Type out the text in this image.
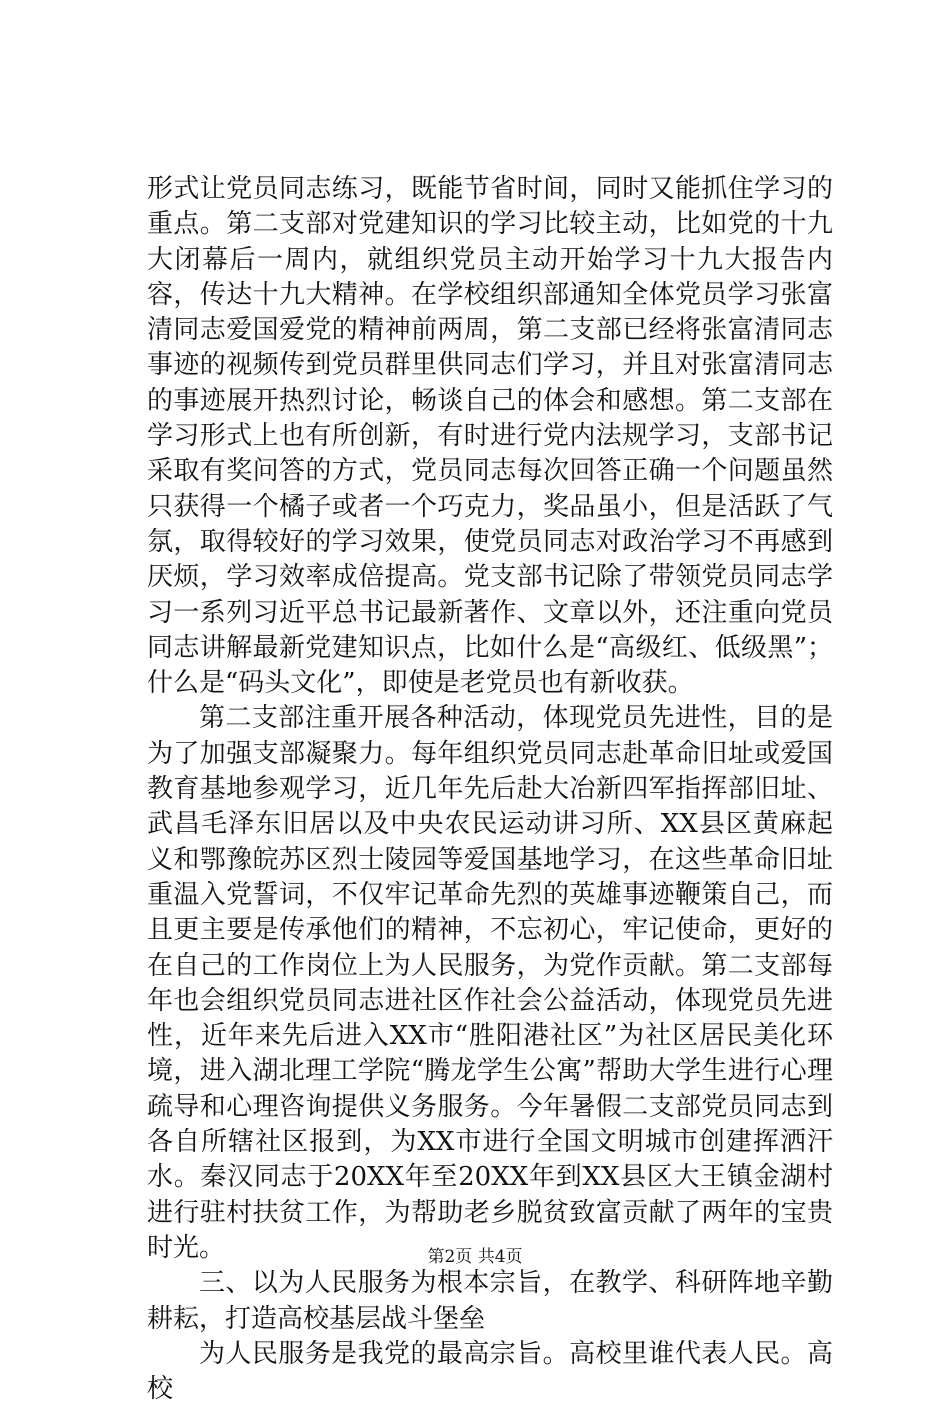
形式让党员同志练习，既能节省时间，同时又能抓住学习的重点。第二支部对党建知识的学习比较主动，比如党的十九大闭幕后一周内，就组织党员主动开始学习十九大报告内容，传达十九大精神。在学校组织部通知全体党员学习张富清同志爱国爱党的精神前两周，第二支部已经将张富清同志事迹的视频传到党员群里供同志们学习，并且对张富清同志的事迹展开热烈讨论，畅谈自己的体会和感想。第二支部在学习形式上也有所创新，有时进行党内法规学习，支部书记采取有奖问答的方式，党员同志每次回答正确一个问题虽然只获得一个橘子或者一个巧克力，奖品虽小，但是活跃了气氛，取得较好的学习效果，使党员同志对政治学习不再感到厌烦，学习效率成倍提高。党支部书记除了带领党员同志学习一系列习近平总书记最新著作、文章以外，还注重向党员同志讲解最新党建知识点，比如什么是“高级红、低级黑”；什么是“码头文化”，即使是老党员也有新收获。

第二支部注重开展各种活动，体现党员先进性，目的是为了加强支部凝聚力。每年组织党员同志赴革命旧址或爱国教育基地参观学习，近几年先后赴大冶新四军指挥部旧址、武昌毛泽东旧居以及中央农民运动讲习所、XX县区黄麻起义和鄂豫皖苏区烈士陵园等爱国基地学习，在这些革命旧址重温入党誓词，不仅牢记革命先烈的英雄事迹鞭策自己，而且更主要是传承他们的精神，不忘初心，牢记使命，更好的在自己的工作岗位上为人民服务，为党作贡献。第二支部每年也会组织党员同志进社区作社会公益活动，体现党员先进性，近年来先后进入XX市“胜阳港社区”为社区居民美化环境，进入湖北理工学院“腾龙学生公寓”帮助大学生进行心理疏导和心理咨询提供义务服务。今年暑假二支部党员同志到各自所辖社区报到，为XX市进行全国文明城市创建挥洒汗水。秦汉同志于20XX年至20XX年到XX县区大王镇金湖村进行驻村扶贫工作，为帮助老乡脱贫致富贡献了两年的宝贵时光。

三、以为人民服务为根本宗旨，在教学、科研阵地辛勤耕耘，打造高校基层战斗堡垒

为人民服务是我党的最高宗旨。高校里谁代表人民。高校

第2页 共4页
